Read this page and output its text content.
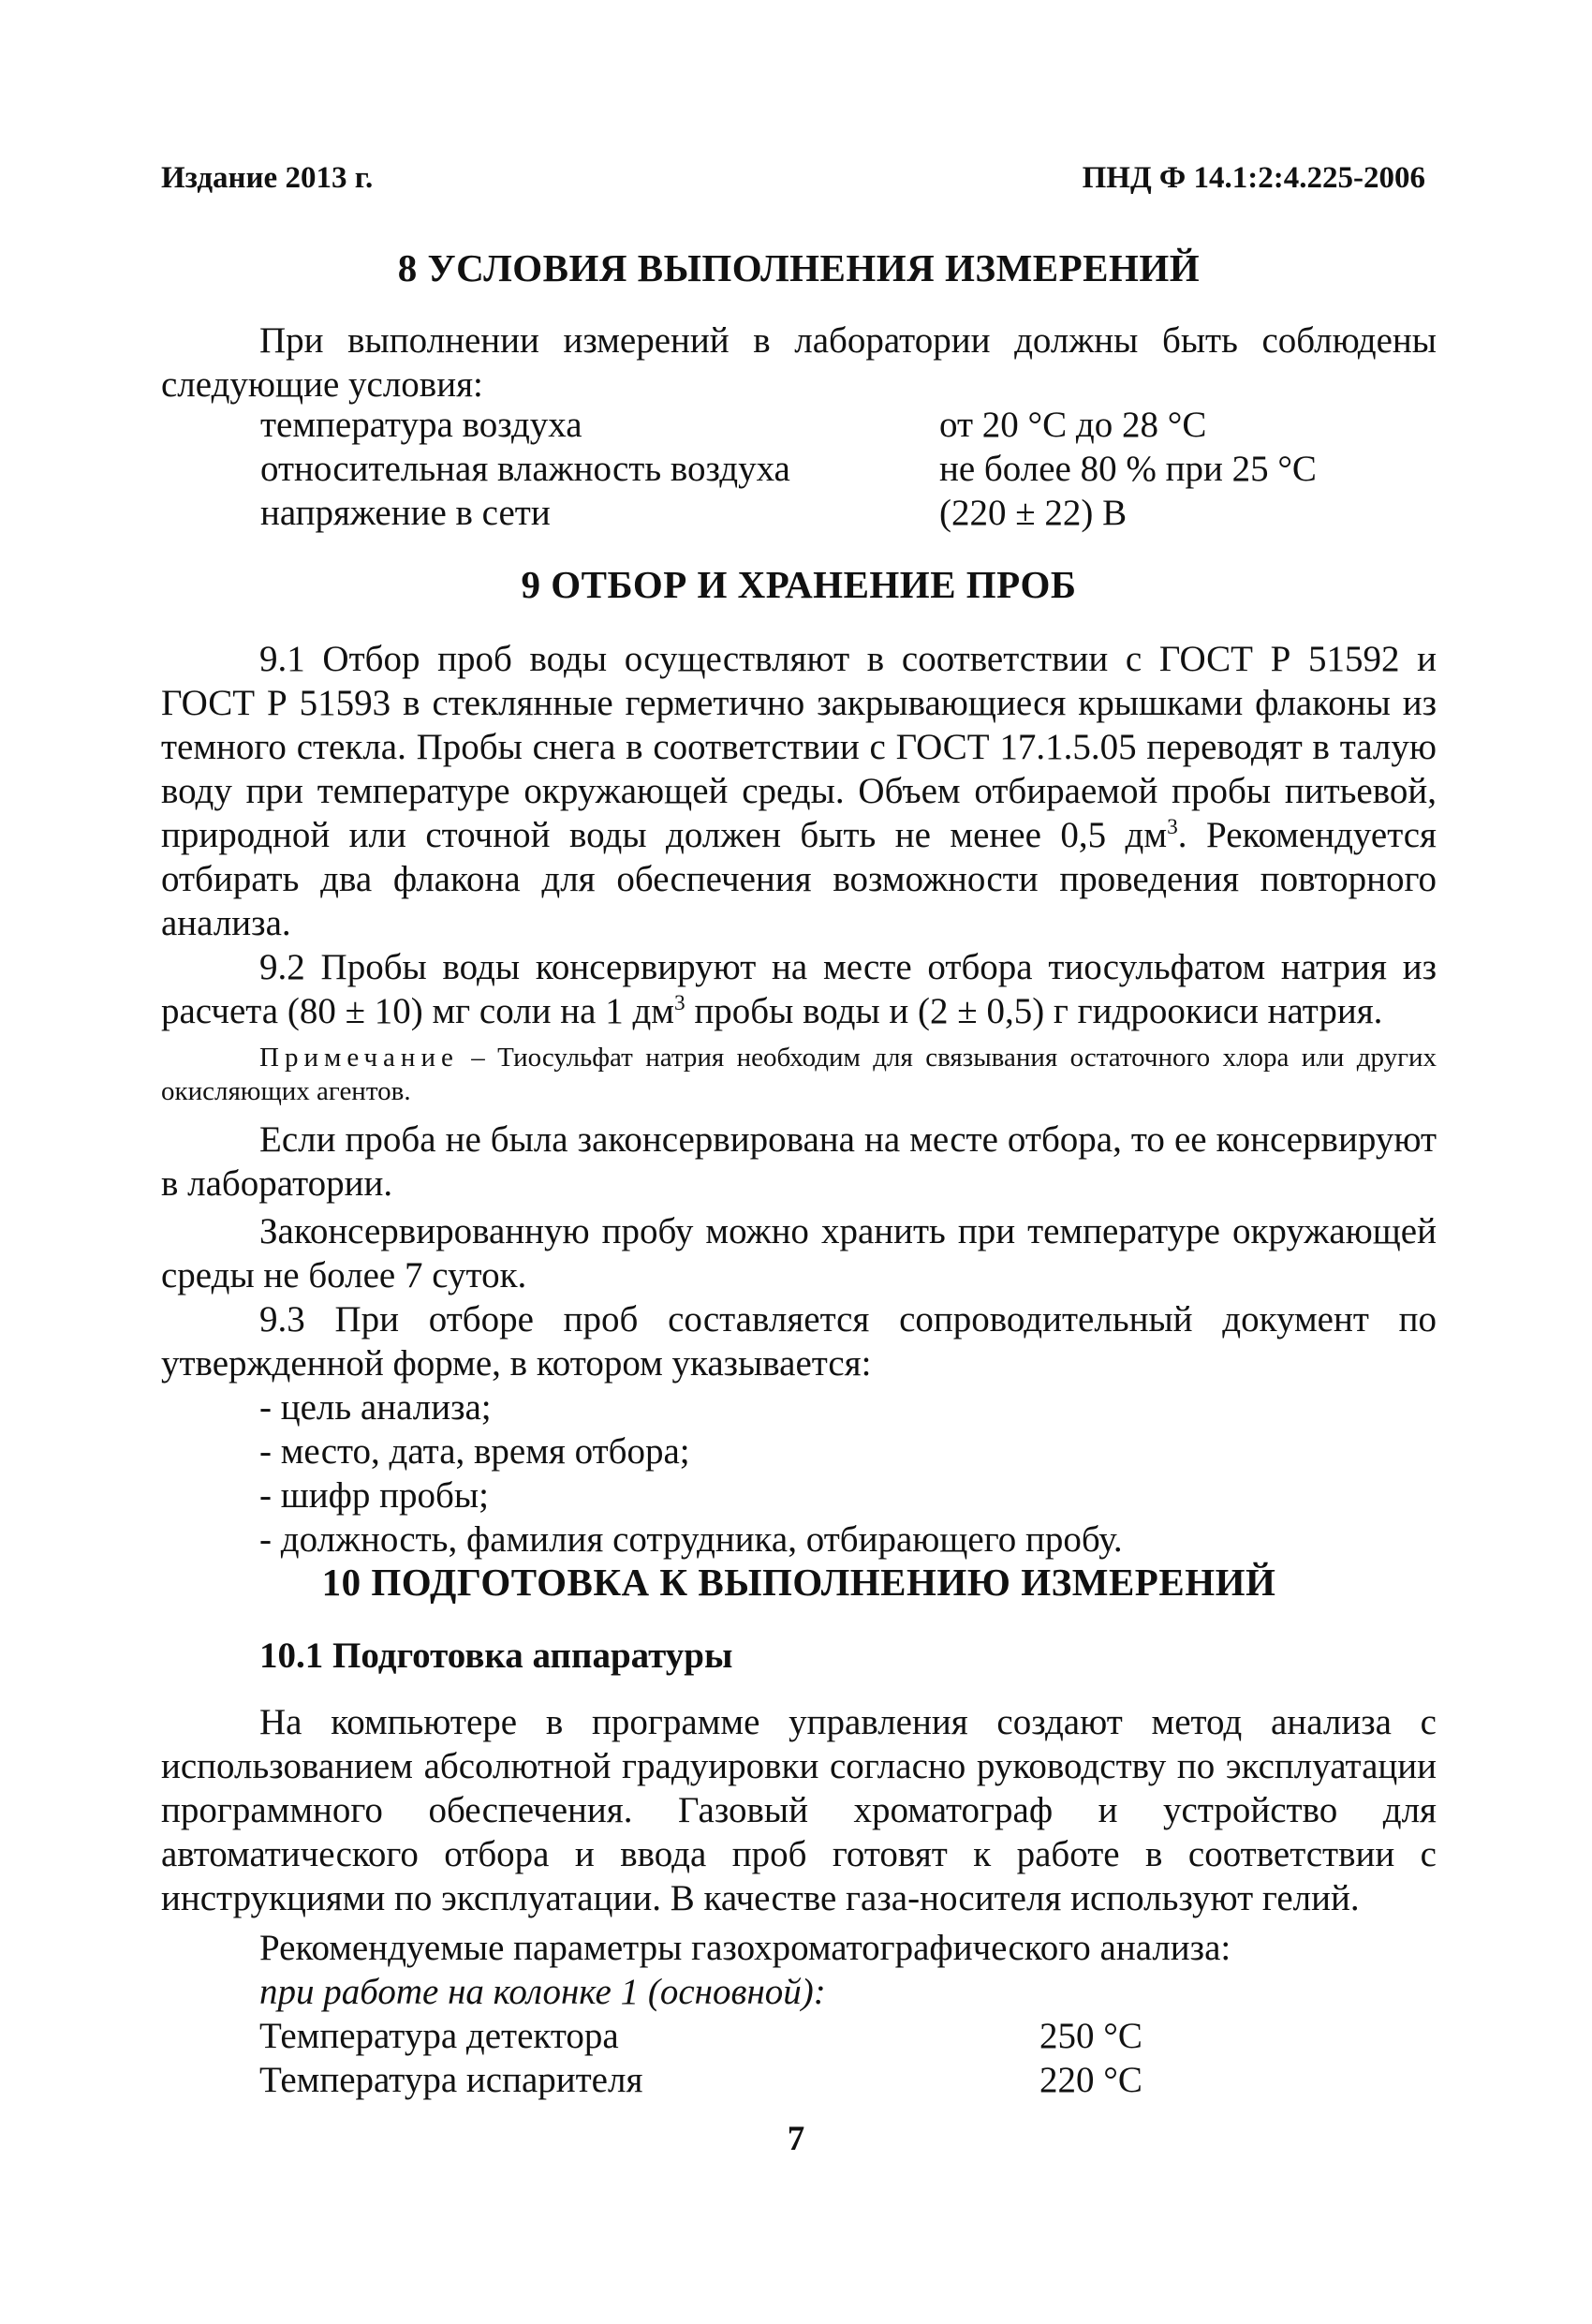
Издание 2013 г.	ПНД Ф 14.1:2:4.225-2006
8 УСЛОВИЯ ВЫПОЛНЕНИЯ ИЗМЕРЕНИЙ

При выполнении измерений в лаборатории должны быть соблюдены следующие условия:

температура воздуха	от 20 °С до 28 °С
относительная влажность воздуха	не более 80 % при 25 °С
напряжение в сети	(220 ± 22) В
9 ОТБОР И ХРАНЕНИЕ ПРОБ

9.1 Отбор проб воды осуществляют в соответствии с ГОСТ Р 51592 и ГОСТ Р 51593 в стеклянные герметично закрывающиеся крышками флаконы из темного стекла. Пробы снега в соответствии с ГОСТ 17.1.5.05 переводят в талую воду при температуре окружающей среды. Объем отбираемой пробы питьевой, природной или сточной воды должен быть не менее 0,5 $дм^3$. Рекомендуется отбирать два флакона для обеспечения возможности проведения повторного анализа.

9.2 Пробы воды консервируют на месте отбора тиосульфатом натрия из расчета (80 ± 10) мг соли на 1 $дм^3$ пробы воды и (2 ± 0,5) г гидроокиси натрия.

Примечание – Тиосульфат натрия необходим для связывания остаточного хлора или других окисляющих агентов.

Если проба не была законсервирована на месте отбора, то ее консервируют в лаборатории.

Законсервированную пробу можно хранить при температуре окружающей среды не более 7 суток.

9.3 При отборе проб составляется сопроводительный документ по утвержденной форме, в котором указывается:

- цель анализа;

- место, дата, время отбора;

- шифр пробы;

- должность, фамилия сотрудника, отбирающего пробу.

10 ПОДГОТОВКА К ВЫПОЛНЕНИЮ ИЗМЕРЕНИЙ
10.1 Подготовка аппаратуры

На компьютере в программе управления создают метод анализа с использованием абсолютной градуировки согласно руководству по эксплуатации программного обеспечения. Газовый хроматограф и устройство для автоматического отбора и ввода проб готовят к работе в соответствии с инструкциями по эксплуатации. В качестве газа-носителя используют гелий.

Рекомендуемые параметры газохроматографического анализа:

при работе на колонке 1 (основной):

Температура детектора	250 °С
Температура испарителя	220 °С
7
